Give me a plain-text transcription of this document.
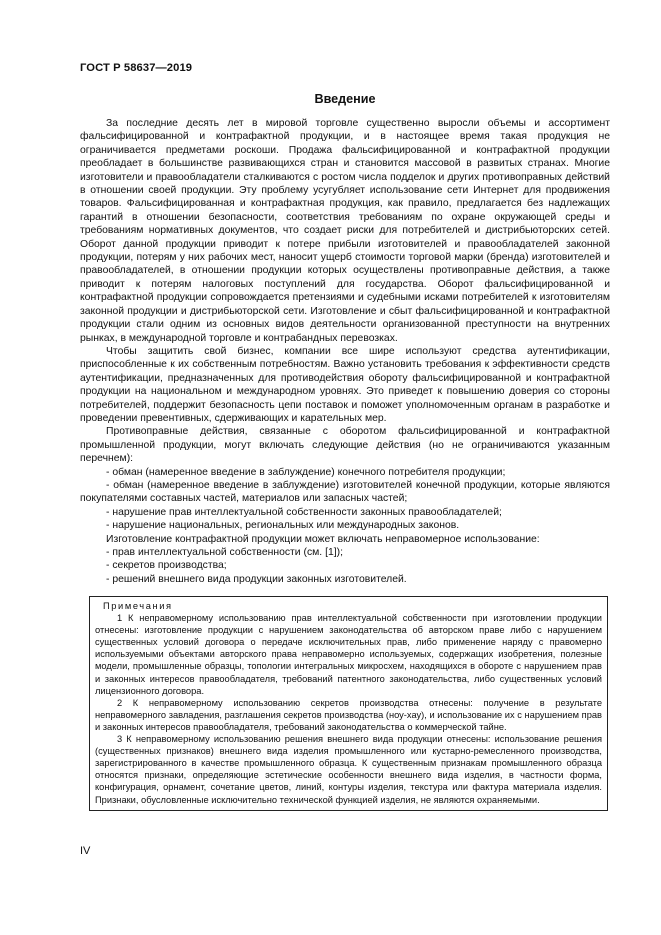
ГОСТ Р 58637—2019
Введение

За последние десять лет в мировой торговле существенно выросли объемы и ассортимент фальсифицированной и контрафактной продукции, и в настоящее время такая продукция не ограничивается предметами роскоши. Продажа фальсифицированной и контрафактной продукции преобладает в большинстве развивающихся стран и становится массовой в развитых странах. Многие изготовители и правообладатели сталкиваются с ростом числа подделок и других противоправных действий в отношении своей продукции. Эту проблему усугубляет использование сети Интернет для продвижения товаров. Фальсифицированная и контрафактная продукция, как правило, предлагается без надлежащих гарантий в отношении безопасности, соответствия требованиям по охране окружающей среды и требованиям нормативных документов, что создает риски для потребителей и дистрибьюторских сетей. Оборот данной продукции приводит к потере прибыли изготовителей и правообладателей законной продукции, потерям у них рабочих мест, наносит ущерб стоимости торговой марки (бренда) изготовителей и правообладателей, в отношении продукции которых осуществлены противоправные действия, а также приводит к потерям налоговых поступлений для государства. Оборот фальсифицированной и контрафактной продукции сопровождается претензиями и судебными исками потребителей к изготовителям законной продукции и дистрибьюторской сети. Изготовление и сбыт фальсифицированной и контрафактной продукции стали одним из основных видов деятельности организованной преступности на внутренних рынках, в международной торговле и контрабандных перевозках.

Чтобы защитить свой бизнес, компании все шире используют средства аутентификации, приспособленные к их собственным потребностям. Важно установить требования к эффективности средств аутентификации, предназначенных для противодействия обороту фальсифицированной и контрафактной продукции на национальном и международном уровнях. Это приведет к повышению доверия со стороны потребителей, поддержит безопасность цепи поставок и поможет уполномоченным органам в разработке и проведении превентивных, сдерживающих и карательных мер.

Противоправные действия, связанные с оборотом фальсифицированной и контрафактной промышленной продукции, могут включать следующие действия (но не ограничиваются указанным перечнем):

- обман (намеренное введение в заблуждение) конечного потребителя продукции;

- обман (намеренное введение в заблуждение) изготовителей конечной продукции, которые являются покупателями составных частей, материалов или запасных частей;

- нарушение прав интеллектуальной собственности законных правообладателей;

- нарушение национальных, региональных или международных законов.

Изготовление контрафактной продукции может включать неправомерное использование:

- прав интеллектуальной собственности (см. [1]);

- секретов производства;

- решений внешнего вида продукции законных изготовителей.

Примечания

1 К неправомерному использованию прав интеллектуальной собственности при изготовлении продукции отнесены: изготовление продукции с нарушением законодательства об авторском праве либо с нарушением существенных условий договора о передаче исключительных прав, либо применение наряду с правомерно используемыми объектами авторского права неправомерно используемых, содержащих изобретения, полезные модели, промышленные образцы, топологии интегральных микросхем, находящихся в обороте с нарушением прав и законных интересов правообладателя, требований патентного законодательства, либо существенных условий лицензионного договора.

2 К неправомерному использованию секретов производства отнесены: получение в результате неправомерного завладения, разглашения секретов производства (ноу-хау), и использование их с нарушением прав и законных интересов правообладателя, требований законодательства о коммерческой тайне.

3 К неправомерному использованию решения внешнего вида продукции отнесены: использование решения (существенных признаков) внешнего вида изделия промышленного или кустарно-ремесленного производства, зарегистрированного в качестве промышленного образца. К существенным признакам промышленного образца относятся признаки, определяющие эстетические особенности внешнего вида изделия, в частности форма, конфигурация, орнамент, сочетание цветов, линий, контуры изделия, текстура или фактура материала изделия. Признаки, обусловленные исключительно технической функцией изделия, не являются охраняемыми.

IV
